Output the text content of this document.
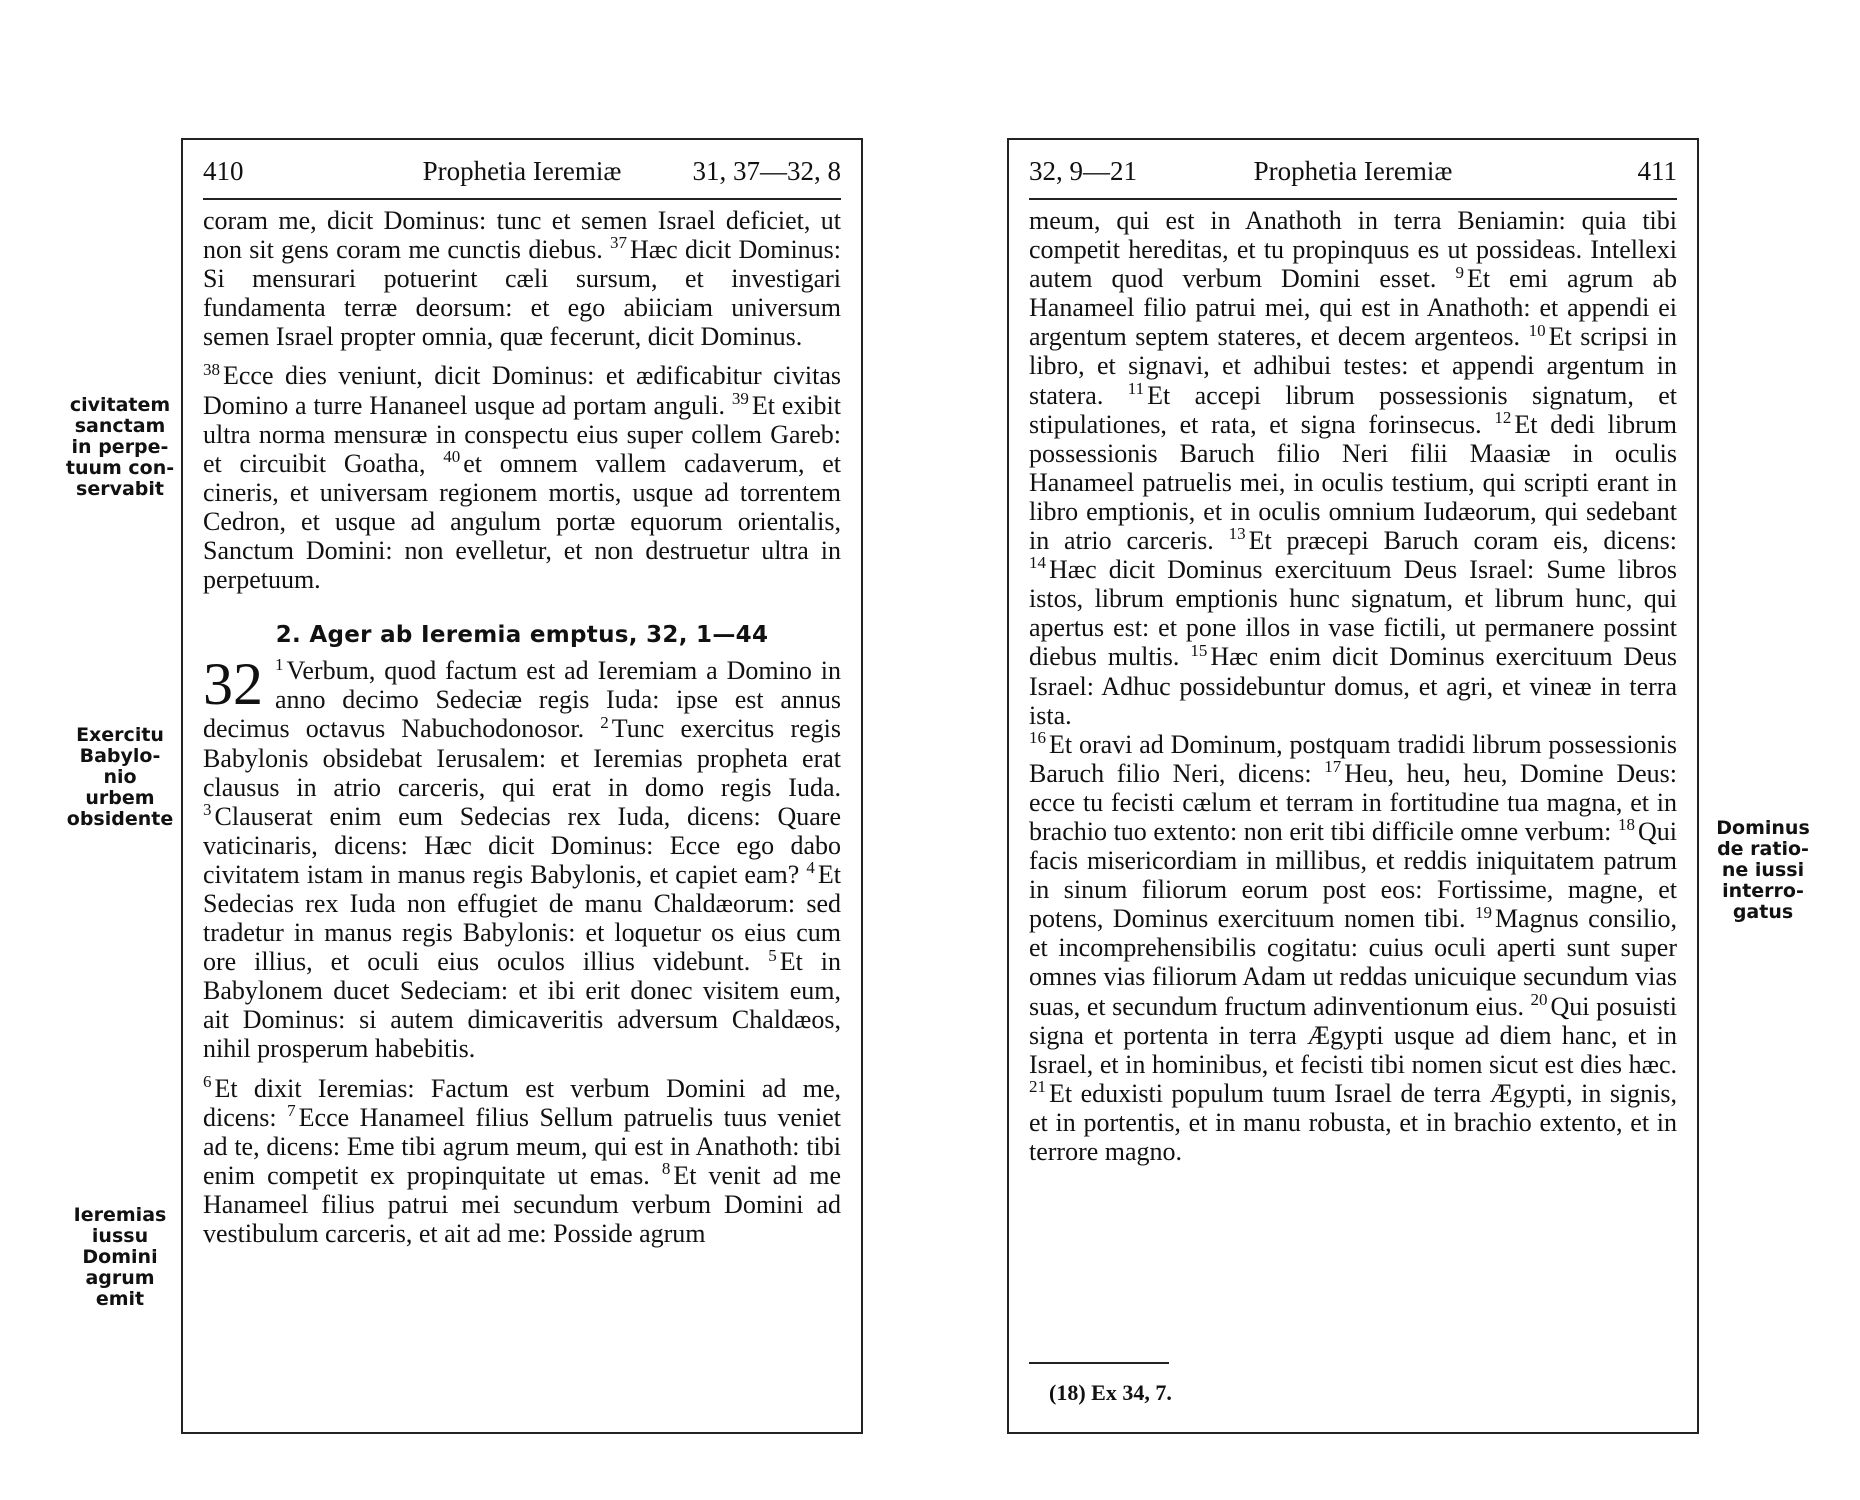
civitatem
sanctam
in perpe-
tuum con-
servabit
Exercitu
Babylo-
nio
urbem
obsidente
Ieremias
iussu
Domini
agrum
emit
410	Prophetia Ieremiæ	31, 37—32, 8

coram me, dicit Dominus: tunc et semen Israel deficiet, ut non sit gens coram me cunctis diebus. $^{37}$ Hæc dicit Dominus: Si mensurari potuerint cæli sursum, et investigari fundamenta terræ deorsum: et ego abiiciam universum semen Israel propter omnia, quæ fecerunt, dicit Dominus.

$^{38}$ Ecce dies veniunt, dicit Dominus: et ædificabitur civitas Domino a turre Hananeel usque ad portam anguli. $^{39}$ Et exibit ultra norma mensuræ in conspectu eius super collem Gareb: et circuibit Goatha, $^{40}$ et omnem vallem cadaverum, et cineris, et universam regionem mortis, usque ad torrentem Cedron, et usque ad angulum portæ equorum orientalis, Sanctum Domini: non evelletur, et non destruetur ultra in perpetuum.

2. Ager ab Ieremia emptus, 32, 1—44

32 $^1$ Verbum, quod factum est ad Ieremiam a Domino in anno decimo Sedeciæ regis Iuda: ipse est annus decimus octavus Nabuchodonosor. $^2$ Tunc exercitus regis Babylonis obsidebat Ierusalem: et Ieremias propheta erat clausus in atrio carceris, qui erat in domo regis Iuda. $^3$ Clauserat enim eum Sedecias rex Iuda, dicens: Quare vaticinaris, dicens: Hæc dicit Dominus: Ecce ego dabo civitatem istam in manus regis Babylonis, et capiet eam? $^4$ Et Sedecias rex Iuda non effugiet de manu Chaldæorum: sed tradetur in manus regis Babylonis: et loquetur os eius cum ore illius, et oculi eius oculos illius videbunt. $^5$ Et in Babylonem ducet Sedeciam: et ibi erit donec visitem eum, ait Dominus: si autem dimicaveritis adversum Chaldæos, nihil prosperum habebitis.

$^6$ Et dixit Ieremias: Factum est verbum Domini ad me, dicens: $^7$ Ecce Hanameel filius Sellum patruelis tuus veniet ad te, dicens: Eme tibi agrum meum, qui est in Anathoth: tibi enim competit ex propinquitate ut emas. $^8$ Et venit ad me Hanameel filius patrui mei secundum verbum Domini ad vestibulum carceris, et ait ad me: Posside agrum

32, 9—21	Prophetia Ieremiæ	411

meum, qui est in Anathoth in terra Beniamin: quia tibi competit hereditas, et tu propinquus es ut possideas. Intellexi autem quod verbum Domini esset. $^9$ Et emi agrum ab Hanameel filio patrui mei, qui est in Anathoth: et appendi ei argentum septem stateres, et decem argenteos. $^{10}$ Et scripsi in libro, et signavi, et adhibui testes: et appendi argentum in statera. $^{11}$ Et accepi librum possessionis signatum, et stipulationes, et rata, et signa forinsecus. $^{12}$ Et dedi librum possessionis Baruch filio Neri filii Maasiæ in oculis Hanameel patruelis mei, in oculis testium, qui scripti erant in libro emptionis, et in oculis omnium Iudæorum, qui sedebant in atrio carceris. $^{13}$ Et præcepi Baruch coram eis, dicens: $^{14}$ Hæc dicit Dominus exercituum Deus Israel: Sume libros istos, librum emptionis hunc signatum, et librum hunc, qui apertus est: et pone illos in vase fictili, ut permanere possint diebus multis. $^{15}$ Hæc enim dicit Dominus exercituum Deus Israel: Adhuc possidebuntur domus, et agri, et vineæ in terra ista.

$^{16}$ Et oravi ad Dominum, postquam tradidi librum possessionis Baruch filio Neri, dicens: $^{17}$ Heu, heu, heu, Domine Deus: ecce tu fecisti cælum et terram in fortitudine tua magna, et in brachio tuo extento: non erit tibi difficile omne verbum: $^{18}$ Qui facis misericordiam in millibus, et reddis iniquitatem patrum in sinum filiorum eorum post eos: Fortissime, magne, et potens, Dominus exercituum nomen tibi. $^{19}$ Magnus consilio, et incomprehensibilis cogitatu: cuius oculi aperti sunt super omnes vias filiorum Adam ut reddas unicuique secundum vias suas, et secundum fructum adinventionum eius. $^{20}$ Qui posuisti signa et portenta in terra Ægypti usque ad diem hanc, et in Israel, et in hominibus, et fecisti tibi nomen sicut est dies hæc. $^{21}$ Et eduxisti populum tuum Israel de terra Ægypti, in signis, et in portentis, et in manu robusta, et in brachio extento, et in terrore magno.

(18) Ex 34, 7.
Dominus
de ratio-
ne iussi
interro-
gatus
